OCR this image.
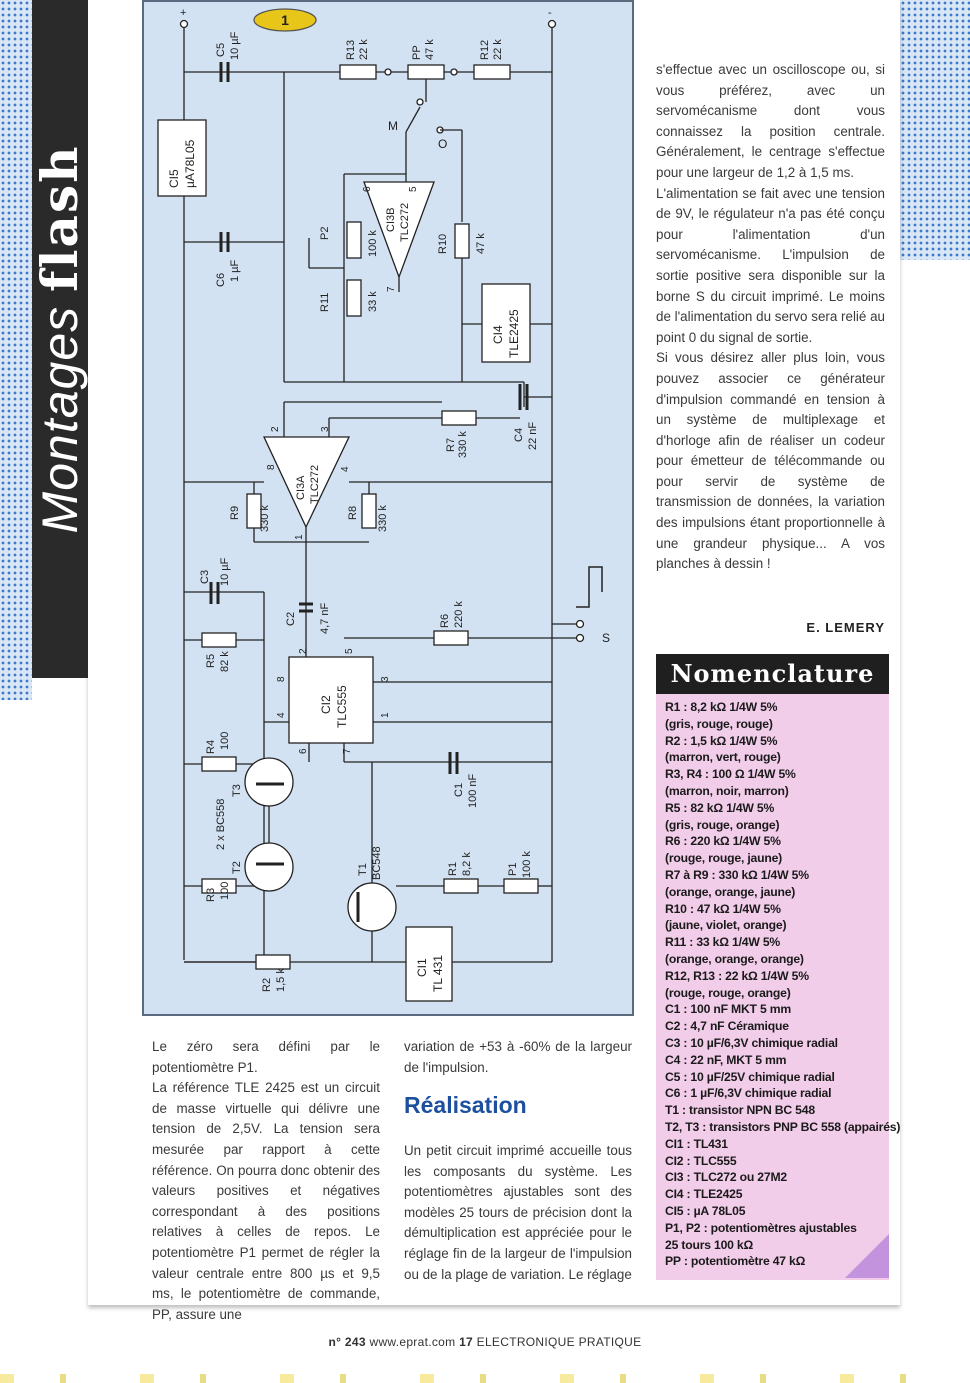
Montages flash
1
+	-
M
O
S
C5 10 µF
CI5 µA78L05
C6 1 µF
R13 22 k	PP 47 k	R12 22 k
P2	100 k
CI3B TLC272
R10 47 k
R11	33 k
CI4 TLE2425
CI3A TLC272
R7 330 k	C4 22 nF
R9 330 k	R8 330 k
C3 10 µF
C2 4,7 nF	R6 220 k
R5 82 k
CI2 TLC555
R4 100
C1 100 nF
T3
2 x BC558
T2
R3 100
T1 BC548	R1 8,2 k	P1 100 k
CI1 TL 431
R2 1,5 k
6	5
8
1
7
2	3
4
8
4	1
2	5
3
6	7

s'effectue avec un oscilloscope ou, si vous préférez, avec un servomécanisme dont vous connaissez la position centrale. Généralement, le centrage s'effectue pour une largeur de 1,2 à 1,5 ms.

L'alimentation se fait avec une tension de 9V, le régulateur n'a pas été conçu pour l'alimentation d'un servomécanisme. L'impulsion de sortie positive sera disponible sur la borne S du circuit imprimé. Le moins de l'alimentation du servo sera relié au point 0 du signal de sortie.

Si vous désirez aller plus loin, vous pouvez associer ce générateur d'impulsion commandé en tension à un système de multiplexage et d'horloge afin de réaliser un codeur pour émetteur de télécommande ou pour servir de système de transmission de données, la variation des impulsions étant proportionnelle à une grandeur physique... A vos planches à dessin !

E. LEMERY
Nomenclature
R1 : 8,2 kΩ 1/4W 5%
(gris, rouge, rouge)
R2 : 1,5 kΩ 1/4W 5%
(marron, vert, rouge)
R3, R4 : 100 Ω 1/4W 5%
(marron, noir, marron)
R5 : 82 kΩ 1/4W 5%
(gris, rouge, orange)
R6 : 220 kΩ 1/4W 5%
(rouge, rouge, jaune)
R7 à R9 : 330 kΩ 1/4W 5%
(orange, orange, jaune)
R10 : 47 kΩ 1/4W 5%
(jaune, violet, orange)
R11 : 33 kΩ 1/4W 5%
(orange, orange, orange)
R12, R13 : 22 kΩ 1/4W 5%
(rouge, rouge, orange)
C1 : 100 nF MKT 5 mm
C2 : 4,7 nF Céramique
C3 : 10 µF/6,3V chimique radial
C4 : 22 nF, MKT 5 mm
C5 : 10 µF/25V chimique radial
C6 : 1 µF/6,3V chimique radial
T1 : transistor NPN BC 548
T2, T3 : transistors PNP BC 558 (appairés)
CI1 : TL431
CI2 : TLC555
CI3 : TLC272 ou 27M2
CI4 : TLE2425
CI5 : µA 78L05
P1, P2 : potentiomètres ajustables
25 tours 100 kΩ
PP : potentiomètre 47 kΩ

Le zéro sera défini par le potentiomètre P1.

La référence TLE 2425 est un circuit de masse virtuelle qui délivre une tension de 2,5V. La tension sera mesurée par rapport à cette référence. On pourra donc obtenir des valeurs positives et négatives correspondant à des positions relatives à celles de repos. Le potentiomètre P1 permet de régler la valeur centrale entre 800 µs et 9,5 ms, le potentiomètre de commande, PP, assure une

variation de +53 à -60% de la largeur de l'impulsion.

Réalisation

Un petit circuit imprimé accueille tous les composants du système. Les potentiomètres ajustables sont des modèles 25 tours de précision dont la démultiplication est appréciée pour le réglage fin de la largeur de l'impulsion ou de la plage de variation. Le réglage

n° 243 www.eprat.com 17 ELECTRONIQUE PRATIQUE
